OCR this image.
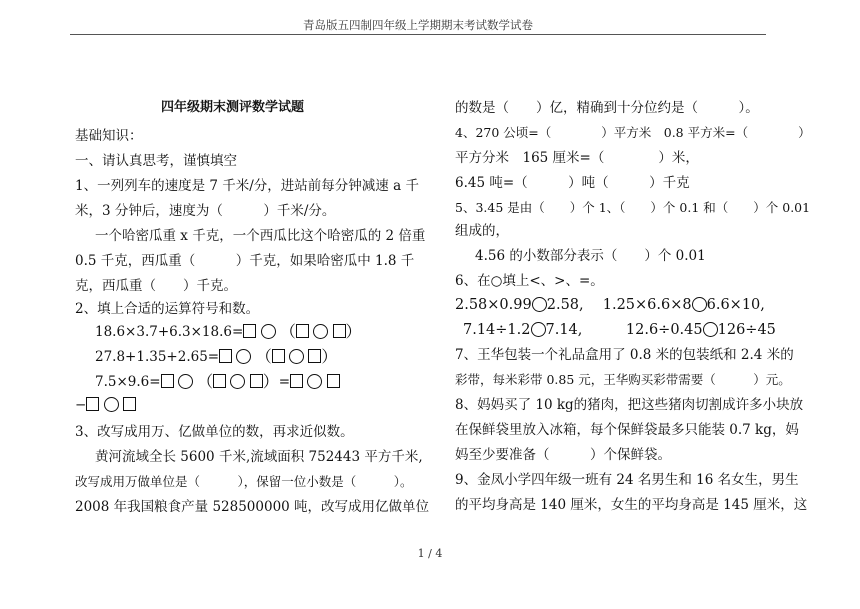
青岛版五四制四年级上学期期末考试数学试卷
四年级期末测评数学试题
基础知识：
一、请认真思考，谨慎填空
1、一列列车的速度是 7 千米/分，进站前每分钟减速 a 千
米，3 分钟后，速度为（　　　）千米/分。
一个哈密瓜重 x 千克，一个西瓜比这个哈密瓜的 2 倍重
0.5 千克，西瓜重（　　　）千克，如果哈密瓜中 1.8 千
克，西瓜重（　　）千克。
2、填上合适的运算符号和数。
18.6×3.7+6.3×18.6= （	）
27.8+1.35+2.65= （	）
7.5×9.6= （	）=
−
3、改写成用万、亿做单位的数，再求近似数。
黄河流域全长 5600 千米,流域面积 752443 平方千米,
改写成用万做单位是（　　　），保留一位小数是（　　　）。
2008 年我国粮食产量 528500000 吨，改写成用亿做单位
的数是（　　）亿，精确到十分位约是（　　　）。
4、270 公顷=（　　　　）平方米　0.8 平方米=（　　　　）
平方分米　165 厘米=（　　　　）米，
6.45 吨=（　　　）吨（　　　）千克
5、3.45 是由（　　）个 1、（　　）个 0.1 和（　　）个 0.01
组成的，
4.56 的小数部分表示（　　）个 0.01
6、在○填上<、>、=。
2.58×0.99 2.58,　 1.25×6.6×8 6.6×10,
7.14÷1.2 7.14,　　　12.6÷0.45 126÷45
7、王华包装一个礼品盒用了 0.8 米的包装纸和 2.4 米的
彩带，每米彩带 0.85 元，王华购买彩带需要（　　　）元。
8、妈妈买了 10 kg的猪肉，把这些猪肉切割成许多小块放
在保鲜袋里放入冰箱，每个保鲜袋最多只能装 0.7 kg，妈
妈至少要准备（　　　）个保鲜袋。
9、金凤小学四年级一班有 24 名男生和 16 名女生，男生
的平均身高是 140 厘米，女生的平均身高是 145 厘米，这
1 / 4
